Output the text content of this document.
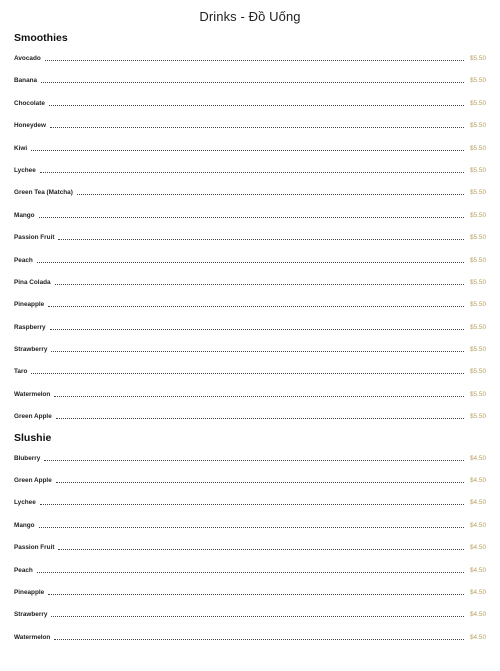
Drinks - Đồ Uống
Smoothies
Avocado	$5.50
Banana	$5.50
Chocolate	$5.50
Honeydew	$5.50
Kiwi	$5.50
Lychee	$5.50
Green Tea (Matcha)	$5.50
Mango	$5.50
Passion Fruit	$5.50
Peach	$5.50
Pina Colada	$5.50
Pineapple	$5.50
Raspberry	$5.50
Strawberry	$5.50
Taro	$5.50
Watermelon	$5.50
Green Apple	$5.50
Slushie
Bluberry	$4.50
Green Apple	$4.50
Lychee	$4.50
Mango	$4.50
Passion Fruit	$4.50
Peach	$4.50
Pineapple	$4.50
Strawberry	$4.50
Watermelon	$4.50
